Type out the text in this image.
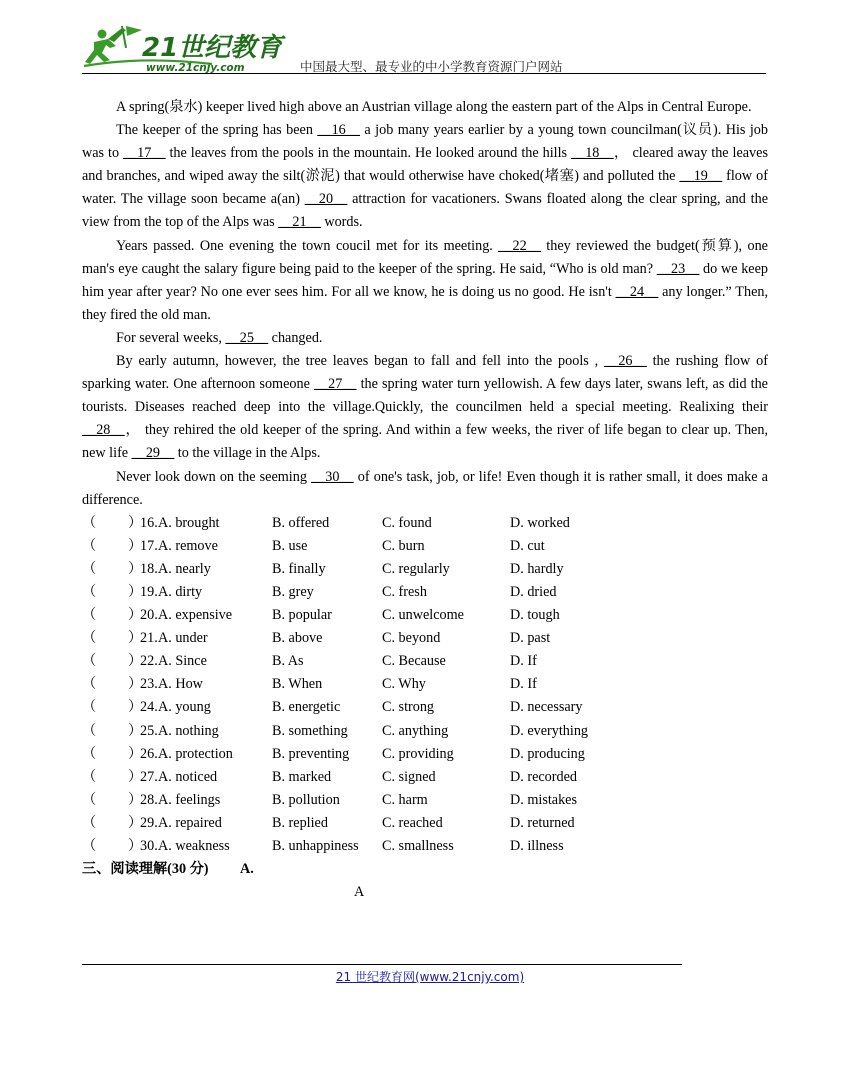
21世纪教育
www.21cnjy.com	中国最大型、最专业的中小学教育资源门户网站

A spring(泉水) keeper lived high above an Austrian village along the eastern part of the Alps in Central Europe.

The keeper of the spring has been __16__ a job many years earlier by a young town councilman(议员). His job was to __17__ the leaves from the pools in the mountain. He looked around the hills __18__， cleared away the leaves and branches, and wiped away the silt(淤泥) that would otherwise have choked(堵塞) and polluted the __19__ flow of water. The village soon became a(an) __20__ attraction for vacationers. Swans floated along the clear spring, and the view from the top of the Alps was __21__ words.

Years passed. One evening the town coucil met for its meeting. __22__ they reviewed the budget(预算), one man's eye caught the salary figure being paid to the keeper of the spring. He said, “Who is old man? __23__ do we keep him year after year? No one ever sees him. For all we know, he is doing us no good. He isn't __24__ any longer.” Then, they fired the old man.

For several weeks, __25__ changed.

By early autumn, however, the tree leaves began to fall and fell into the pools , __26__ the rushing flow of sparking water. One afternoon someone __27__ the spring water turn yellowish. A few days later, swans left, as did the tourists. Diseases reached deep into the village.Quickly, the councilmen held a special meeting. Realixing their __28__， they rehired the old keeper of the spring. And within a few weeks, the river of life began to clear up. Then, new life __29__ to the village in the Alps.

Never look down on the seeming __30__ of one's task, job, or life! Even though it is rather small, it does make a difference.

（ ）
16. A. brought	B. offered	C. found	D. worked
（ ）
17. A. remove	B. use	C. burn	D. cut
（ ）
18. A. nearly	B. finally	C. regularly	D. hardly
（ ）
19. A. dirty	B. grey	C. fresh	D. dried
（ ）
20. A. expensive	B. popular	C. unwelcome	D. tough
（ ）
21. A. under	B. above	C. beyond	D. past
（ ）
22. A. Since	B. As	C. Because	D. If
（ ）
23. A. How	B. When	C. Why	D. If
（ ）
24. A. young	B. energetic	C. strong	D. necessary
（ ）
25. A. nothing	B. something C. anything	D. everything
（ ）
26. A. protection	B. preventing C. providing	D. producing
（ ）
27. A. noticed	B. marked	C. signed	D. recorded
（ ）
28. A. feelings	B. pollution	C. harm	D. mistakes
（ ）
29. A. repaired	B. replied	C. reached	D. returned
（ ）
30. A. weakness	B. unhappiness C. smallness	D. illness
三、阅读理解(30 分) A.
A
21 世纪教育网(www.21cnjy.com)
